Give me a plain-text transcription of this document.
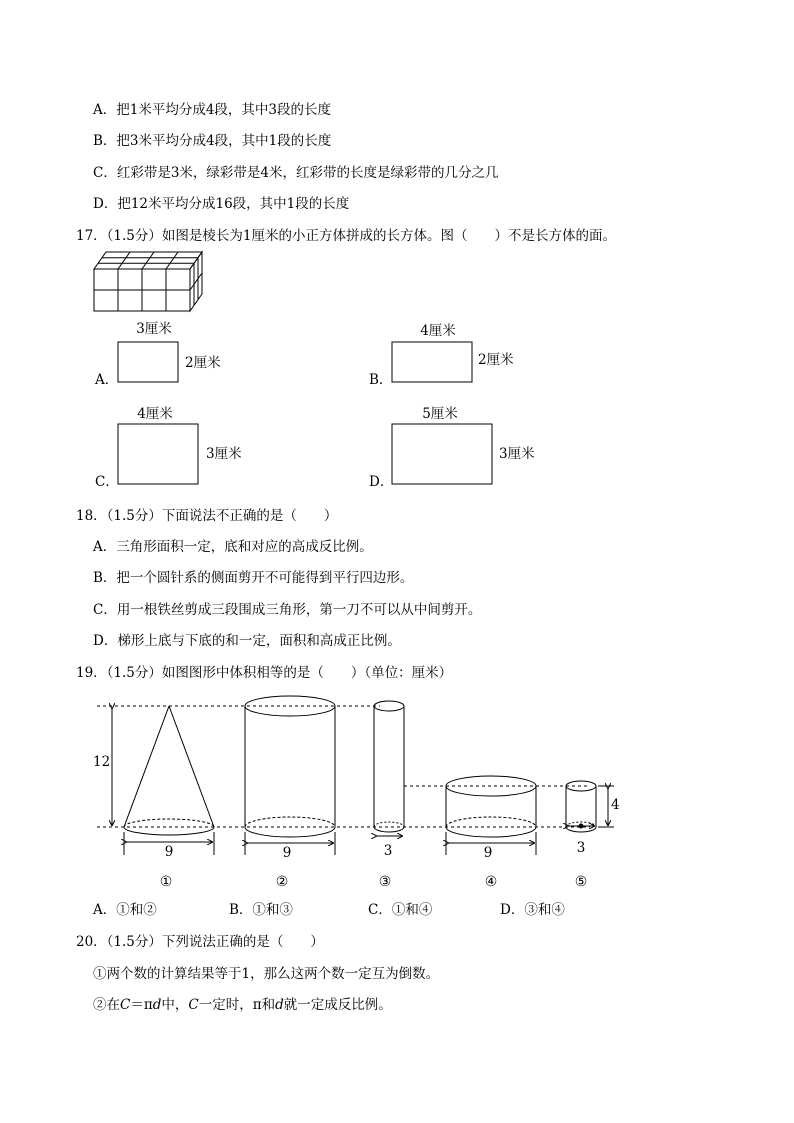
A．把1米平均分成4段，其中3段的长度
B．把3米平均分成4段，其中1段的长度
C．红彩带是3米，绿彩带是4米，红彩带的长度是绿彩带的几分之几
D．把12米平均分成16段，其中1段的长度
17．（1.5分）如图是棱长为1厘米的小正方体拼成的长方体。图（　　）不是长方体的面。
A．
3厘米
2厘米
B．
4厘米
2厘米
C．
4厘米
3厘米
D．
5厘米
3厘米
18．（1.5分）下面说法不正确的是（　　）
A．三角形面积一定，底和对应的高成反比例。
B．把一个圆针系的侧面剪开不可能得到平行四边形。
C．用一根铁丝剪成三段围成三角形，第一刀不可以从中间剪开。
D．梯形上底与下底的和一定，面积和高成正比例。
19．（1.5分）如图图形中体积相等的是（　　）（单位：厘米）
12
4
9	9	3	9	3
①	②	③	④	⑤
A．①和②	B．①和③	C．①和④	D．③和④
20．（1.5分）下列说法正确的是（　　）
①两个数的计算结果等于1，那么这两个数一定互为倒数。
②在C＝πd中，C一定时，π和d就一定成反比例。
